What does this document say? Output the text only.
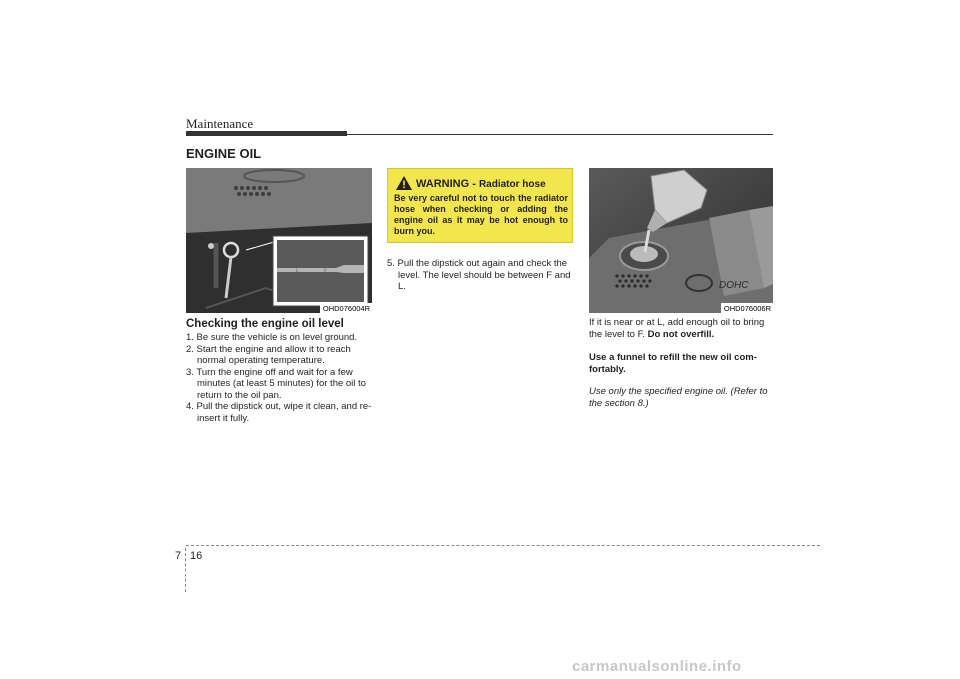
Maintenance
ENGINE OIL
L	F
OHD076004R
Checking the engine oil level
1. Be sure the vehicle is on level ground.
2. Start the engine and allow it to reach normal operating temperature.
3. Turn the engine off and wait for a few minutes (at least 5 minutes) for the oil to return to the oil pan.
4. Pull the dipstick out, wipe it clean, and re-insert it fully.
WARNING - Radiator hose
Be very careful not to touch the radiator hose when checking or adding the engine oil as it may be hot enough to burn you.
5. Pull the dipstick out again and check the level. The level should be between F and L.	DOHC
OHD076006R
If it is near or at L, add enough oil to bring the level to F. Do not overfill.
Use a funnel to refill the new oil com-fortably.
Use only the specified engine oil. (Refer to the section 8.)
7 16
carmanualsonline.info
